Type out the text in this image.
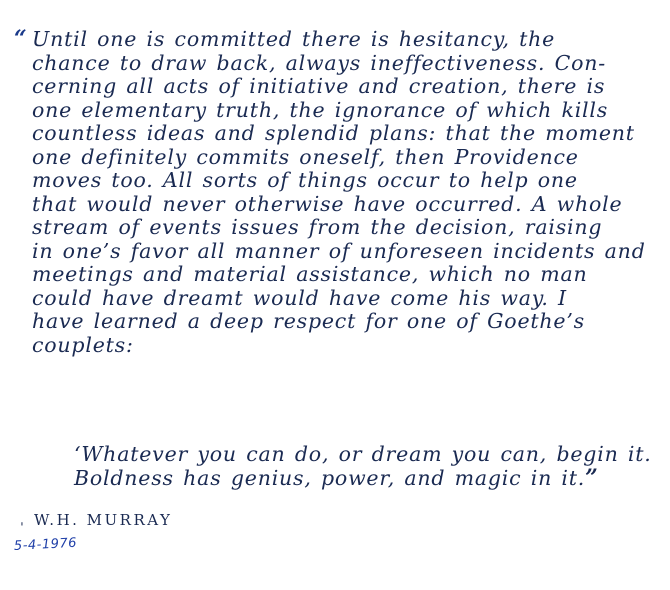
“ Until one is committed there is hesitancy, the
chance to draw back, always ineffectiveness. Con-
cerning all acts of initiative and creation, there is
one elementary truth, the ignorance of which kills
countless ideas and splendid plans: that the moment
one definitely commits oneself, then Providence
moves too. All sorts of things occur to help one
that would never otherwise have occurred. A whole
stream of events issues from the decision, raising
in one’s favor all manner of unforeseen incidents and
meetings and material assistance, which no man
could have dreamt would have come his way. I
have learned a deep respect for one of Goethe’s
couplets:

‘Whatever you can do, or dream you can, begin it.
Boldness has genius, power, and magic in it.”

ˌ W.H. MURRAY
5-4-1976
